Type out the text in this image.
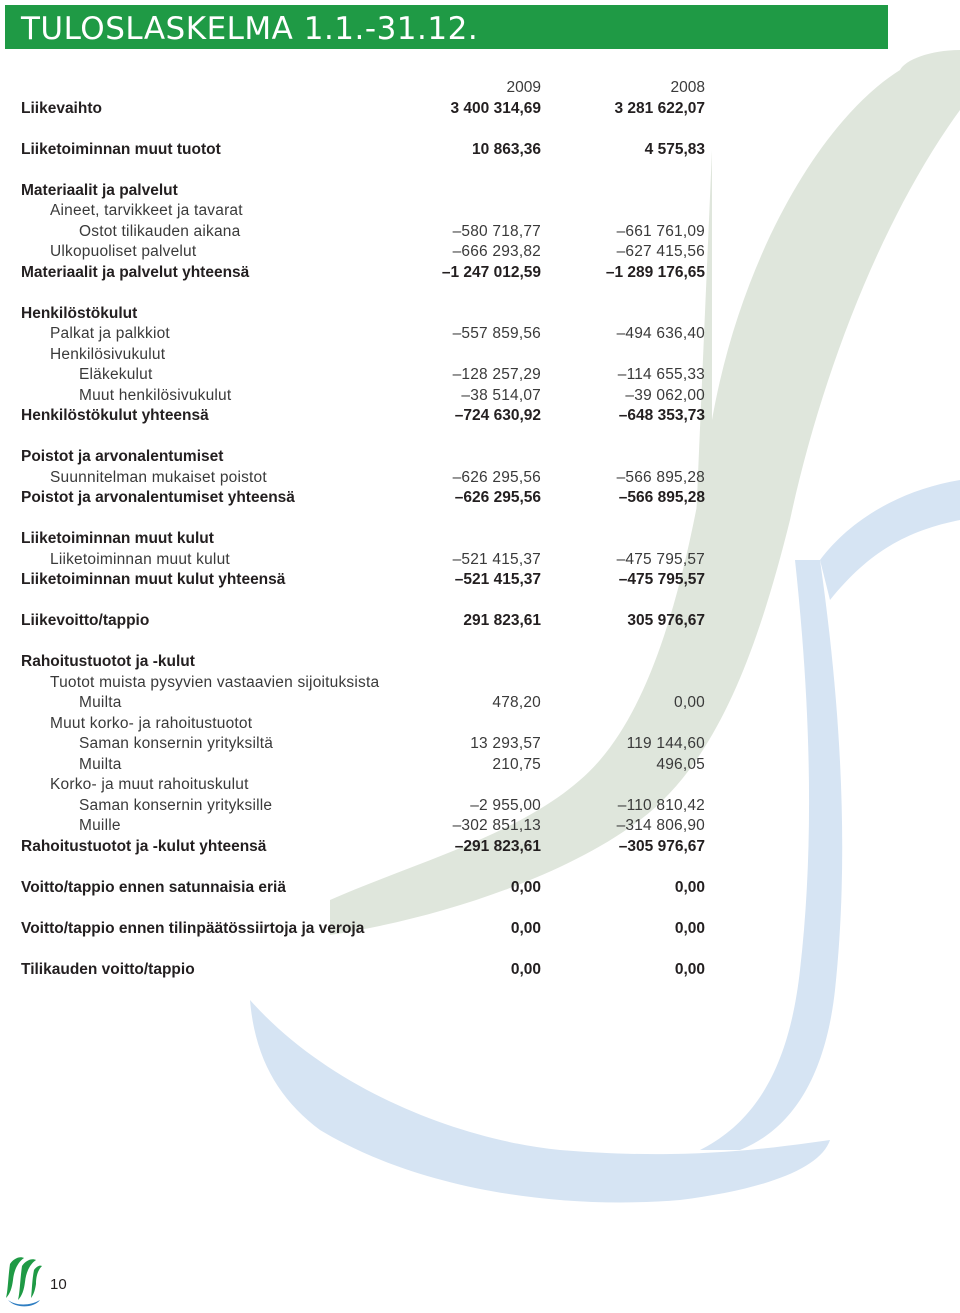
TULOSLASKELMA 1.1.-31.12.
2009	2008
Liikevaihto	3 400 314,69	3 281 622,07
Liiketoiminnan muut tuotot	10 863,36	4 575,83
Materiaalit ja palvelut
Aineet, tarvikkeet ja tavarat
Ostot tilikauden aikana	–580 718,77	–661 761,09
Ulkopuoliset palvelut	–666 293,82	–627 415,56
Materiaalit ja palvelut yhteensä	–1 247 012,59	–1 289 176,65
Henkilöstökulut
Palkat ja palkkiot	–557 859,56	–494 636,40
Henkilösivukulut
Eläkekulut	–128 257,29	–114 655,33
Muut henkilösivukulut	–38 514,07	–39 062,00
Henkilöstökulut yhteensä	–724 630,92	–648 353,73
Poistot ja arvonalentumiset
Suunnitelman mukaiset poistot	–626 295,56	–566 895,28
Poistot ja arvonalentumiset yhteensä	–626 295,56	–566 895,28
Liiketoiminnan muut kulut
Liiketoiminnan muut kulut	–521 415,37	–475 795,57
Liiketoiminnan muut kulut yhteensä	–521 415,37	–475 795,57
Liikevoitto/tappio	291 823,61	305 976,67
Rahoitustuotot ja -kulut
Tuotot muista pysyvien vastaavien sijoituksista
Muilta	478,20	0,00
Muut korko- ja rahoitustuotot
Saman konsernin yrityksiltä	13 293,57	119 144,60
Muilta	210,75	496,05
Korko- ja muut rahoituskulut
Saman konsernin yrityksille	–2 955,00	–110 810,42
Muille	–302 851,13	–314 806,90
Rahoitustuotot ja -kulut yhteensä	–291 823,61	–305 976,67
Voitto/tappio ennen satunnaisia eriä	0,00	0,00
Voitto/tappio ennen tilinpäätössiirtoja ja veroja	0,00	0,00
Tilikauden voitto/tappio	0,00	0,00
10
